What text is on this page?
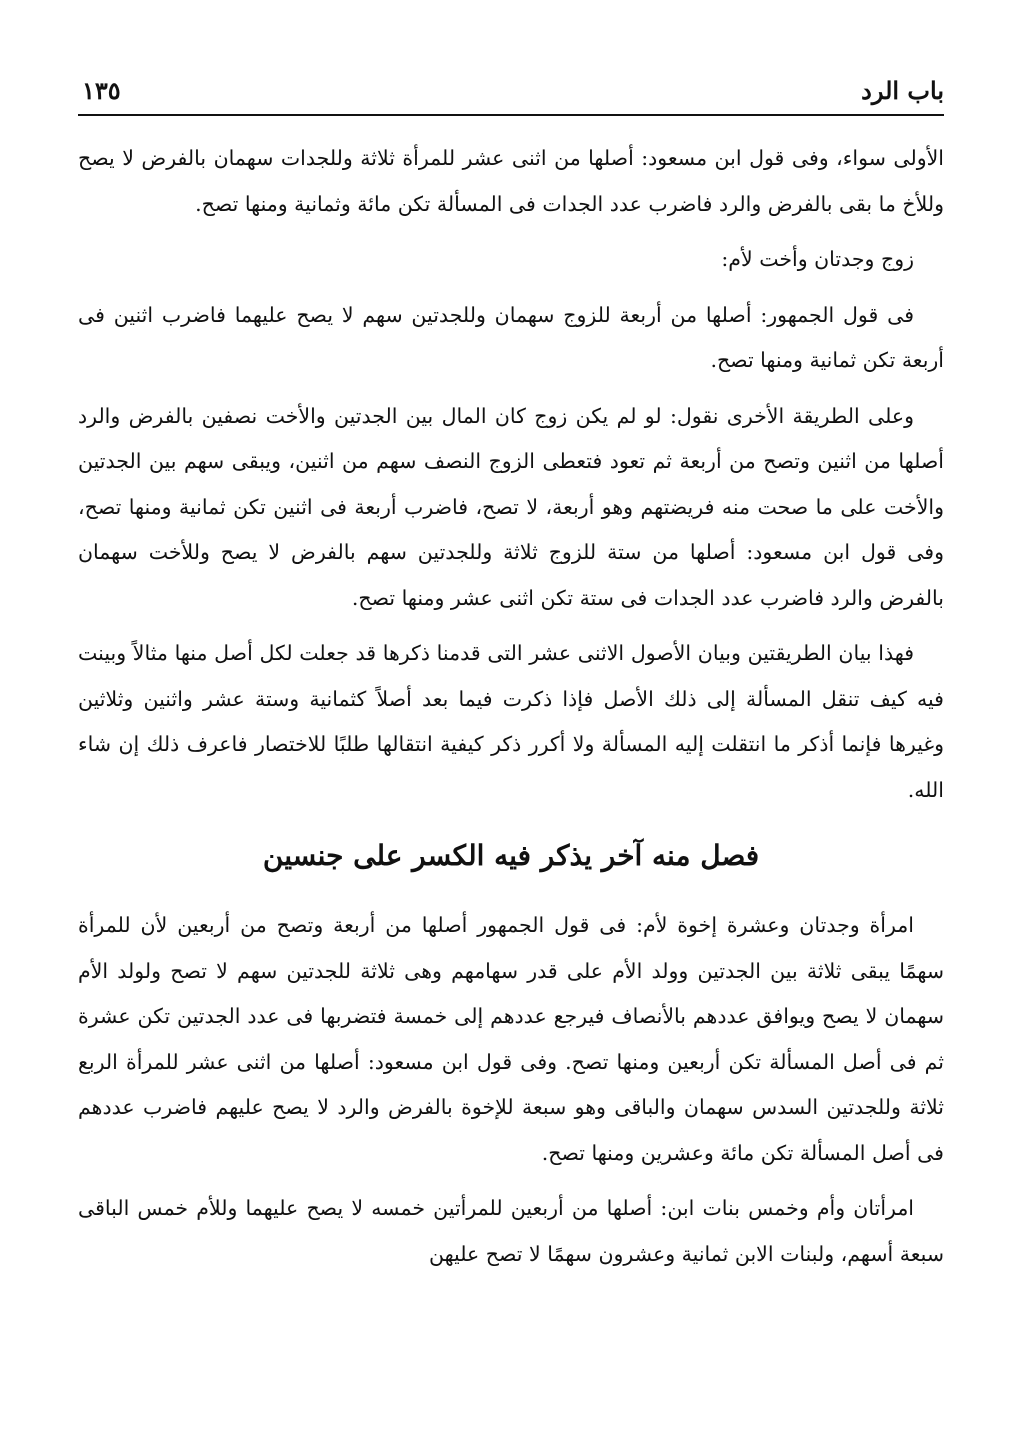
باب الرد
١٣٥

الأولى سواء، وفى قول ابن مسعود: أصلها من اثنى عشر للمرأة ثلاثة وللجدات سهمان بالفرض لا يصح وللأخ ما بقى بالفرض والرد فاضرب عدد الجدات فى المسألة تكن مائة وثمانية ومنها تصح.

زوج وجدتان وأخت لأم:

فى قول الجمهور: أصلها من أربعة للزوج سهمان وللجدتين سهم لا يصح عليهما فاضرب اثنين فى أربعة تكن ثمانية ومنها تصح.

وعلى الطريقة الأخرى نقول: لو لم يكن زوج كان المال بين الجدتين والأخت نصفين بالفرض والرد أصلها من اثنين وتصح من أربعة ثم تعود فتعطى الزوج النصف سهم من اثنين، ويبقى سهم بين الجدتين والأخت على ما صحت منه فريضتهم وهو أربعة، لا تصح، فاضرب أربعة فى اثنين تكن ثمانية ومنها تصح، وفى قول ابن مسعود: أصلها من ستة للزوج ثلاثة وللجدتين سهم بالفرض لا يصح وللأخت سهمان بالفرض والرد فاضرب عدد الجدات فى ستة تكن اثنى عشر ومنها تصح.

فهذا بيان الطريقتين وبيان الأصول الاثنى عشر التى قدمنا ذكرها قد جعلت لكل أصل منها مثالاً وبينت فيه كيف تنقل المسألة إلى ذلك الأصل فإذا ذكرت فيما بعد أصلاً كثمانية وستة عشر واثنين وثلاثين وغيرها فإنما أذكر ما انتقلت إليه المسألة ولا أكرر ذكر كيفية انتقالها طلبًا للاختصار فاعرف ذلك إن شاء الله.

فصل منه آخر يذكر فيه الكسر على جنسين

امرأة وجدتان وعشرة إخوة لأم: فى قول الجمهور أصلها من أربعة وتصح من أربعين لأن للمرأة سهمًا يبقى ثلاثة بين الجدتين وولد الأم على قدر سهامهم وهى ثلاثة للجدتين سهم لا تصح ولولد الأم سهمان لا يصح ويوافق عددهم بالأنصاف فيرجع عددهم إلى خمسة فتضربها فى عدد الجدتين تكن عشرة ثم فى أصل المسألة تكن أربعين ومنها تصح. وفى قول ابن مسعود: أصلها من اثنى عشر للمرأة الربع ثلاثة وللجدتين السدس سهمان والباقى وهو سبعة للإخوة بالفرض والرد لا يصح عليهم فاضرب عددهم فى أصل المسألة تكن مائة وعشرين ومنها تصح.

امرأتان وأم وخمس بنات ابن: أصلها من أربعين للمرأتين خمسه لا يصح عليهما وللأم خمس الباقى سبعة أسهم، ولبنات الابن ثمانية وعشرون سهمًا لا تصح عليهن
